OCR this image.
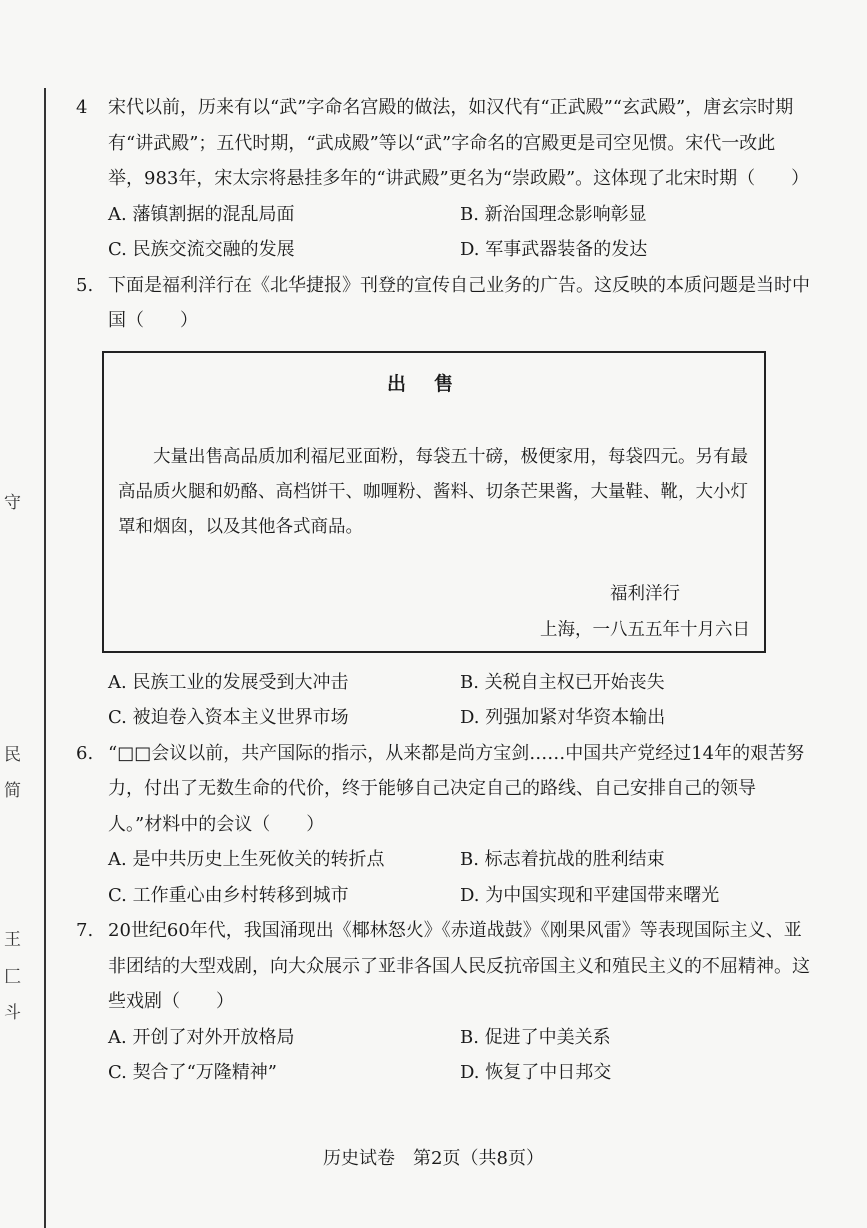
守
民
简
王
匚
斗

4 宋代以前，历来有以“武”字命名宫殿的做法，如汉代有“正武殿”“玄武殿”，唐玄宗时期有“讲武殿”；五代时期，“武成殿”等以“武”字命名的宫殿更是司空见惯。宋代一改此举，983年，宋太宗将悬挂多年的“讲武殿”更名为“崇政殿”。这体现了北宋时期（　　）

A. 藩镇割据的混乱局面	B. 新治国理念影响彰显
C. 民族交流交融的发展	D. 军事武器装备的发达

5. 下面是福利洋行在《北华捷报》刊登的宣传自己业务的广告。这反映的本质问题是当时中国（　　）

出售
大量出售高品质加利福尼亚面粉，每袋五十磅，极便家用，每袋四元。另有最高品质火腿和奶酪、高档饼干、咖喱粉、酱料、切条芒果酱，大量鞋、靴，大小灯罩和烟囱，以及其他各式商品。
福利洋行
上海，一八五五年十月六日
A. 民族工业的发展受到大冲击	B. 关税自主权已开始丧失
C. 被迫卷入资本主义世界市场	D. 列强加紧对华资本输出

6. “□□会议以前，共产国际的指示，从来都是尚方宝剑……中国共产党经过14年的艰苦努力，付出了无数生命的代价，终于能够自己决定自己的路线、自己安排自己的领导人。”材料中的会议（　　）

A. 是中共历史上生死攸关的转折点	B. 标志着抗战的胜利结束
C. 工作重心由乡村转移到城市	D. 为中国实现和平建国带来曙光

7. 20世纪60年代，我国涌现出《椰林怒火》《赤道战鼓》《刚果风雷》等表现国际主义、亚非团结的大型戏剧，向大众展示了亚非各国人民反抗帝国主义和殖民主义的不屈精神。这些戏剧（　　）

A. 开创了对外开放格局	B. 促进了中美关系
C. 契合了“万隆精神”	D. 恢复了中日邦交
历史试卷　第2页（共8页）
